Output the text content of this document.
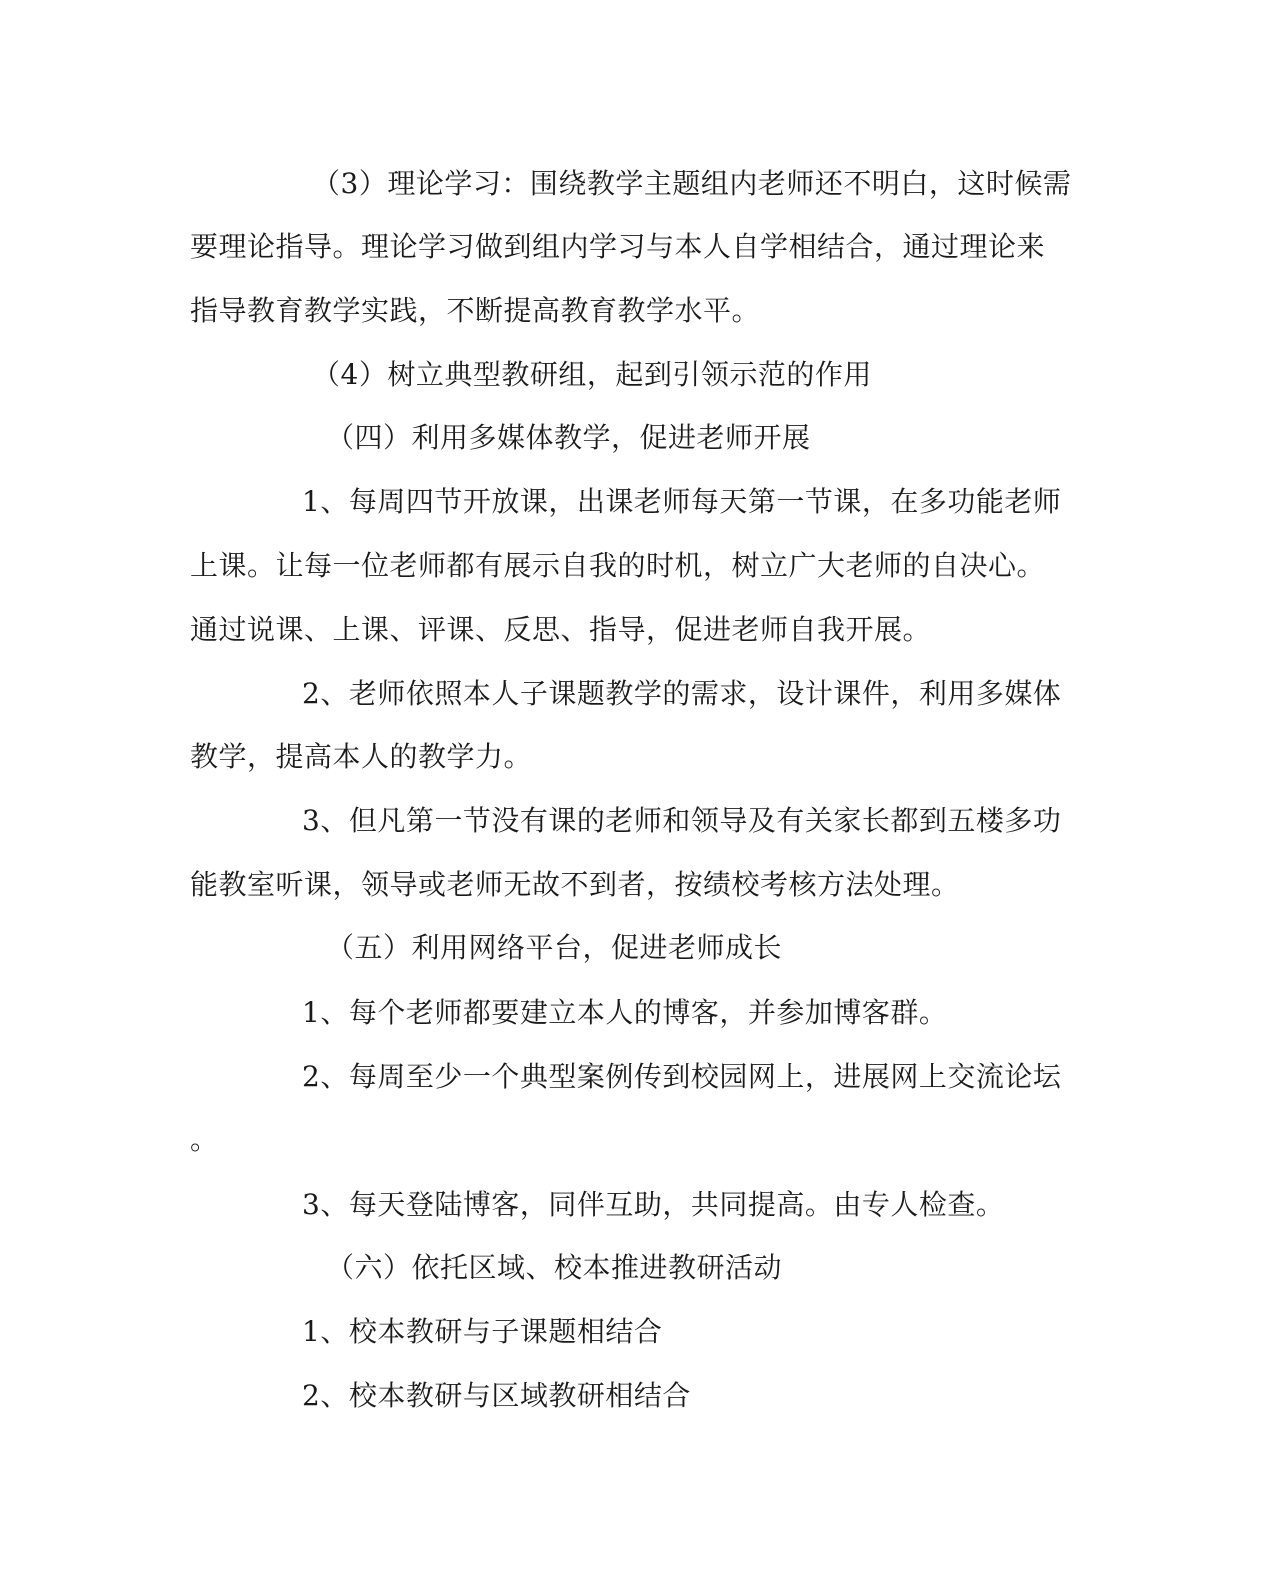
（3）理论学习：围绕教学主题组内老师还不明白，这时候需
要理论指导。理论学习做到组内学习与本人自学相结合，通过理论来
指导教育教学实践，不断提高教育教学水平。
（4）树立典型教研组，起到引领示范的作用
（四）利用多媒体教学，促进老师开展
1、每周四节开放课，出课老师每天第一节课，在多功能老师
上课。让每一位老师都有展示自我的时机，树立广大老师的自决心。
通过说课、上课、评课、反思、指导，促进老师自我开展。
2、老师依照本人子课题教学的需求，设计课件，利用多媒体
教学，提高本人的教学力。
3、但凡第一节没有课的老师和领导及有关家长都到五楼多功
能教室听课，领导或老师无故不到者，按绩校考核方法处理。
（五）利用网络平台，促进老师成长
1、每个老师都要建立本人的博客，并参加博客群。
2、每周至少一个典型案例传到校园网上，进展网上交流论坛
。
3、每天登陆博客，同伴互助，共同提高。由专人检查。
（六）依托区域、校本推进教研活动
1、校本教研与子课题相结合
2、校本教研与区域教研相结合
